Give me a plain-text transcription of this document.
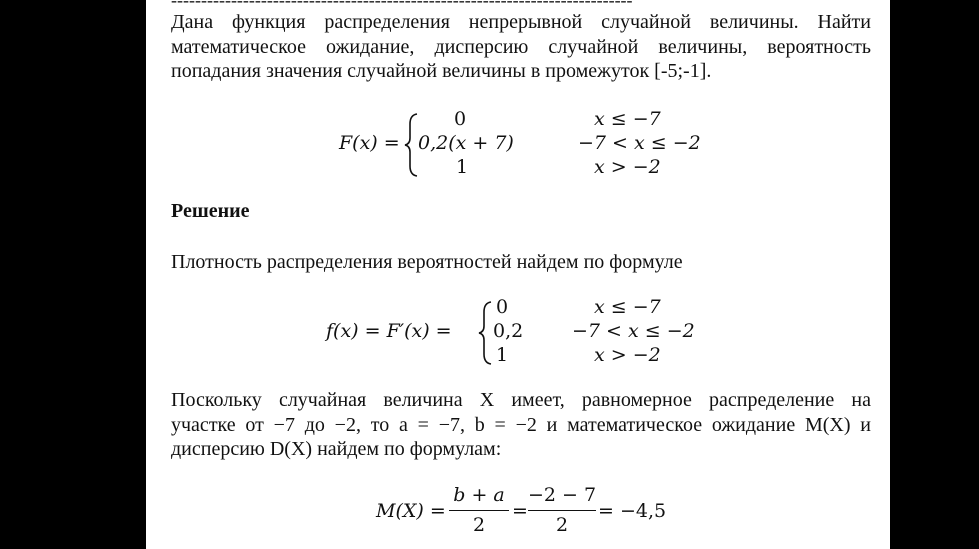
-----------------------------------------------------------------------------
Дана функция распределения непрерывной случайной величины. Найти
математическое ожидание, дисперсию случайной величины, вероятность
попадания значения случайной величины в промежуток [-5;-1].
F(x) =
0
0,2(x + 7)
1
x ≤ −7
−7 < x ≤ −2
x > −2
Решение
Плотность распределения вероятностей найдем по формуле
f(x) = F′(x) =
0
0,2
1
x ≤ −7
−7 < x ≤ −2
x > −2
Поскольку случайная величина X имеет, равномерное распределение на
участке от −7 до −2, то a = −7, b = −2 и математическое ожидание M(X) и
дисперсию D(X) найдем по формулам:
M(X) =
b + a
2
=
−2 − 7
2
= −4,5
